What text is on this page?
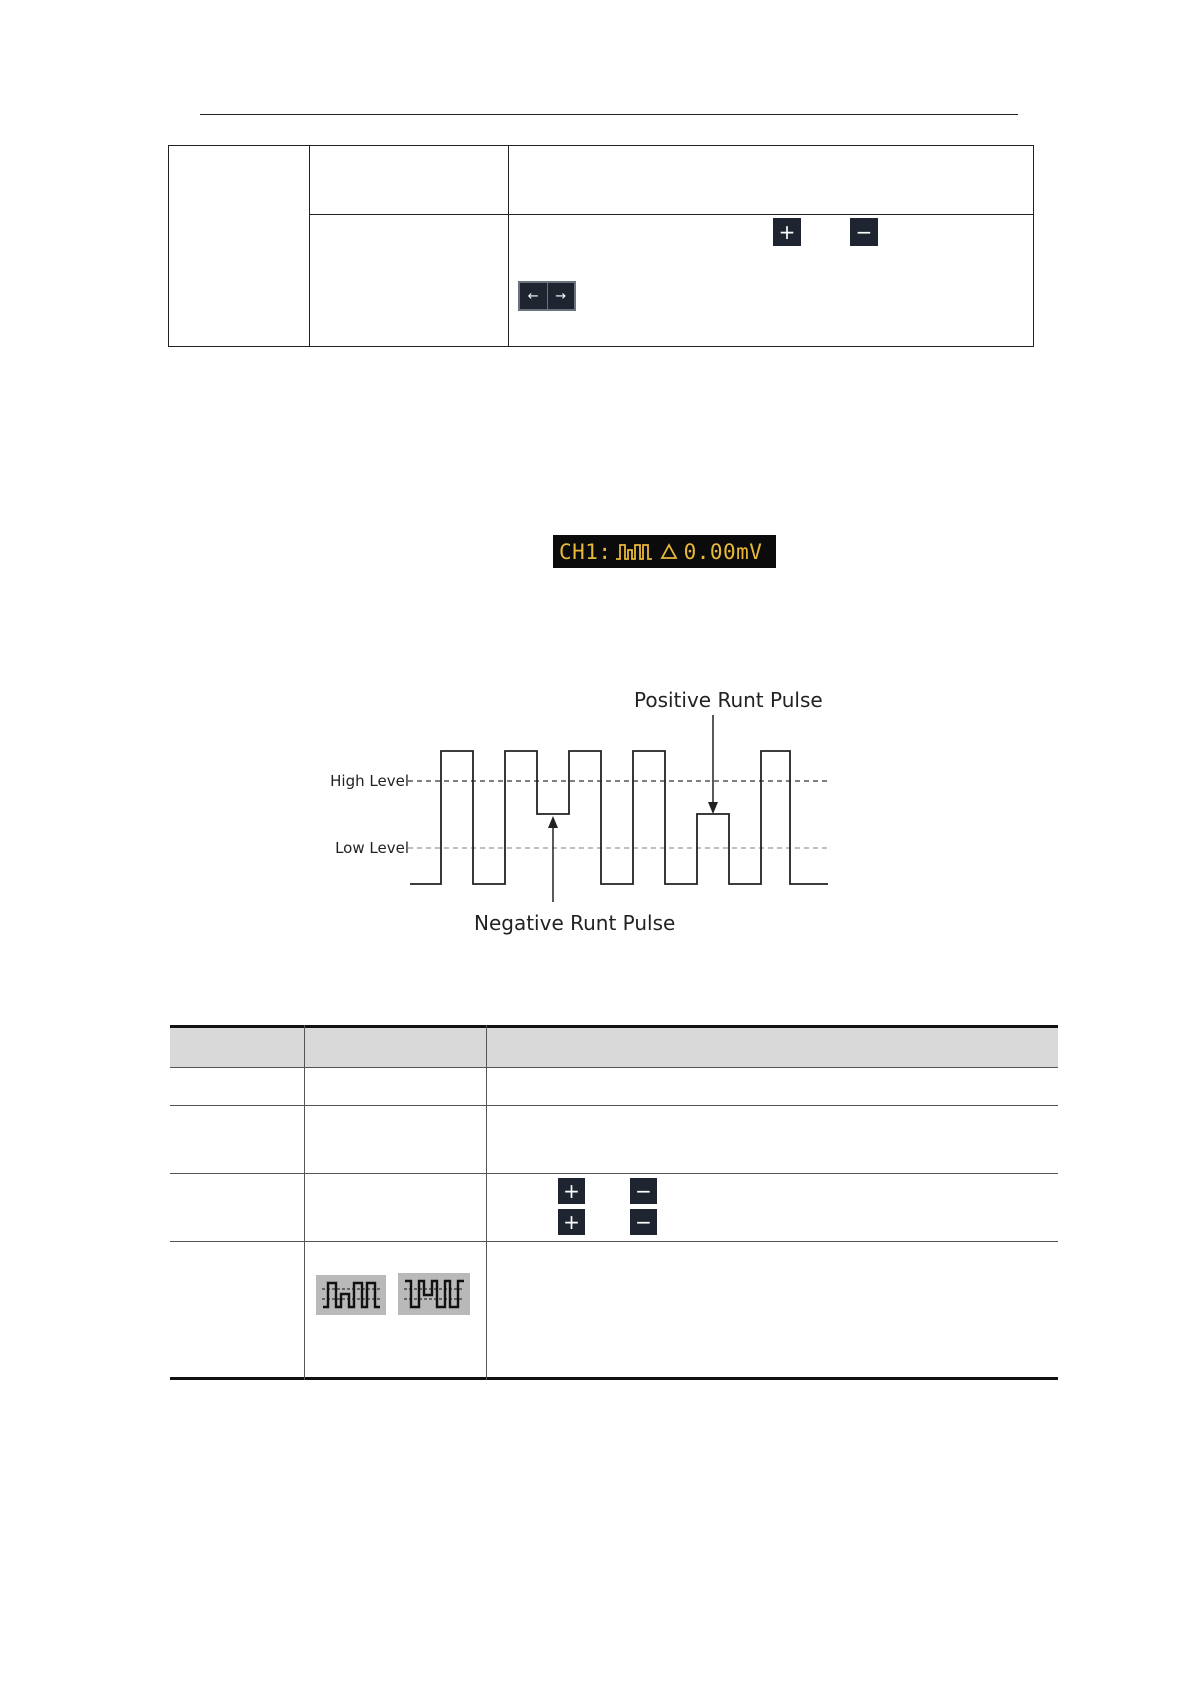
+	−
←	→
CH1:	0.00mV
High Level
Low Level
Positive Runt Pulse
Negative Runt Pulse
+	−
+	−
